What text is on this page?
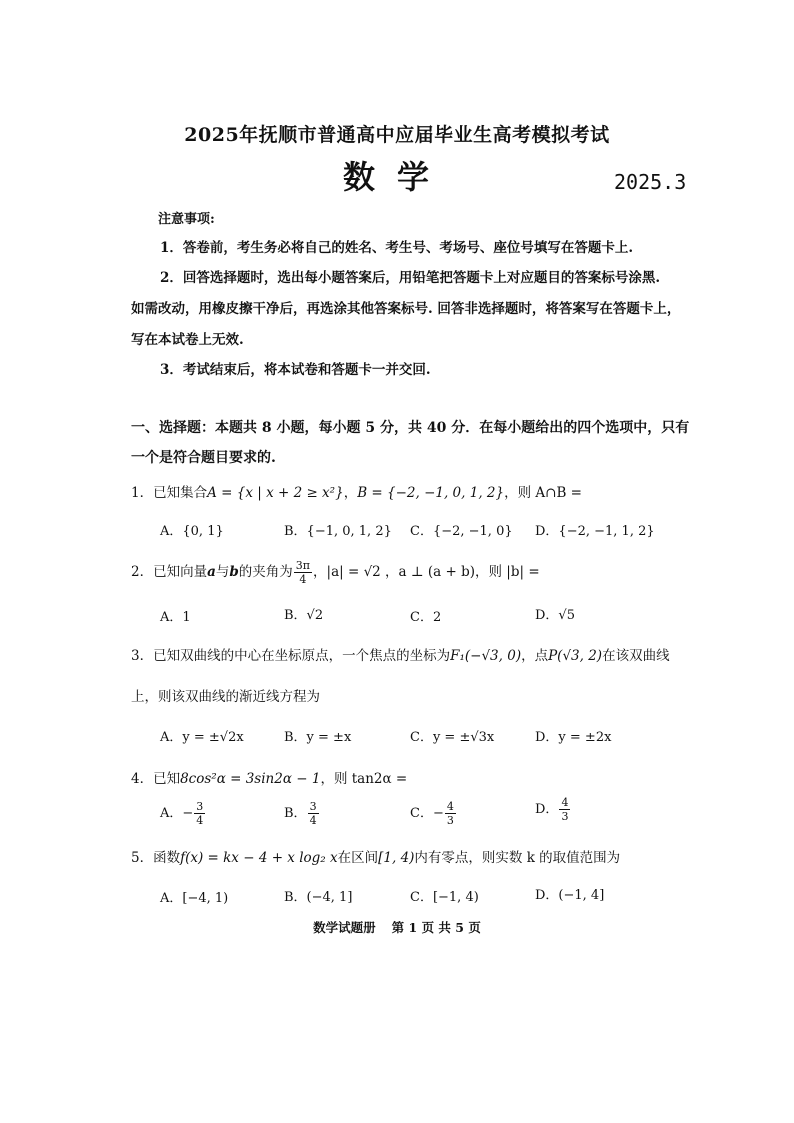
2025年抚顺市普通高中应届毕业生高考模拟考试
数学	2025.3
注意事项:
1．答卷前，考生务必将自己的姓名、考生号、考场号、座位号填写在答题卡上.
2．回答选择题时，选出每小题答案后，用铅笔把答题卡上对应题目的答案标号涂黑.
如需改动，用橡皮擦干净后，再选涂其他答案标号. 回答非选择题时，将答案写在答题卡上，
写在本试卷上无效.
3．考试结束后，将本试卷和答题卡一并交回.
一、选择题：本题共 8 小题，每小题 5 分，共 40 分．在每小题给出的四个选项中，只有
一个是符合题目要求的.
1．已知集合A = {x | x + 2 ≥ x²}，B = {−2, −1, 0, 1, 2}，则 A∩B =
A．{0, 1}	B．{−1, 0, 1, 2} C．{−2, −1, 0} D．{−2, −1, 1, 2}
2．已知向量a与b的夹角为 $\frac{3\pi}{4}$ ，|a| = √2 ，a ⊥ (a + b)，则 |b| =
A．1	B．√2	C．2	D．√5
3．已知双曲线的中心在坐标原点，一个焦点的坐标为F₁(−√3, 0)，点P(√3, 2)在该双曲线
上，则该双曲线的渐近线方程为
A．y = ±√2x	B．y = ±x	C．y = ±√3x	D．y = ±2x
4．已知8cos²α = 3sin2α − 1，则 tan2α =
A．− $\frac{3}{4}$	B． $\frac{3}{4}$	C．− $\frac{4}{3}$	D． $\frac{4}{3}$
5．函数f(x) = kx − 4 + x log₂ x在区间[1, 4)内有零点，则实数 k 的取值范围为
A．[−4, 1)	B．(−4, 1]	C．[−1, 4)	D．(−1, 4]
数学试题册 第 1 页 共 5 页
